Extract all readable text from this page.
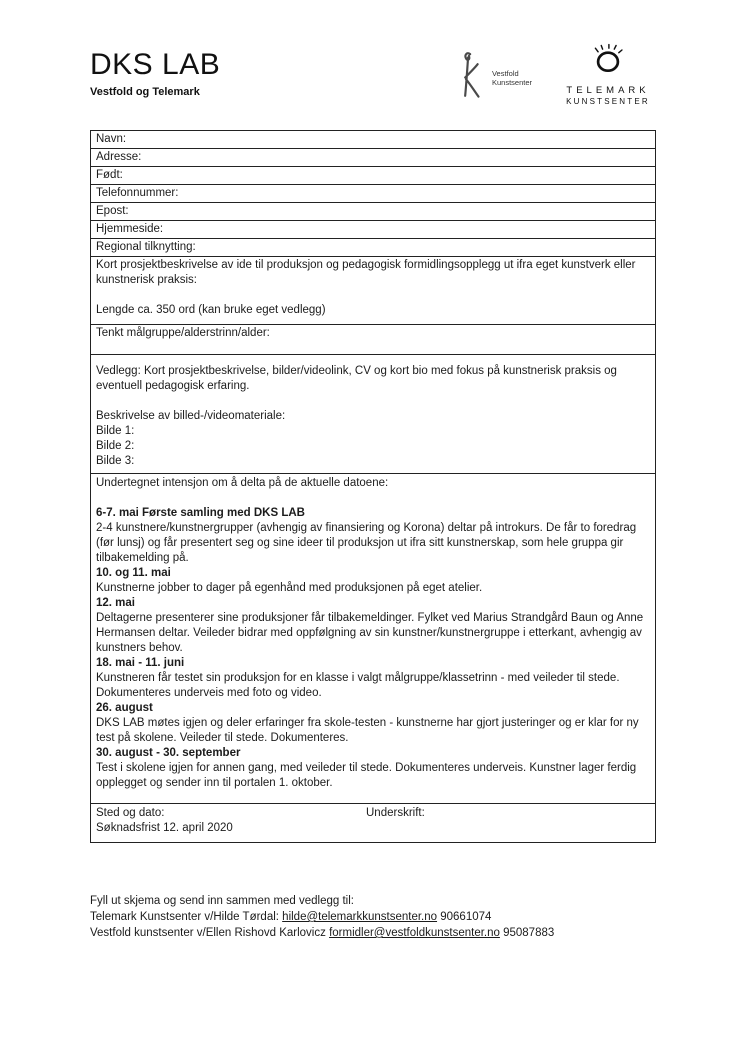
DKS LAB
Vestfold og Telemark
Vestfold
Kunstsenter
TELEMARK
KUNSTSENTER
Navn:
Adresse:
Født:
Telefonnummer:
Epost:
Hjemmeside:
Regional tilknytting:
Kort prosjektbeskrivelse av ide til produksjon og pedagogisk formidlingsopplegg ut ifra eget kunstverk eller kunstnerisk praksis:
Lengde ca. 350 ord (kan bruke eget vedlegg)
Tenkt målgruppe/alderstrinn/alder:
Vedlegg: Kort prosjektbeskrivelse, bilder/videolink, CV og kort bio med fokus på kunstnerisk praksis og eventuell pedagogisk erfaring.
Beskrivelse av billed-/videomateriale:
Bilde 1:
Bilde 2:
Bilde 3:
Undertegnet intensjon om å delta på de aktuelle datoene:
6-7. mai Første samling med DKS LAB
2-4 kunstnere/kunstnergrupper (avhengig av finansiering og Korona) deltar på introkurs. De får to foredrag (før lunsj) og får presentert seg og sine ideer til produksjon ut ifra sitt kunstnerskap, som hele gruppa gir tilbakemelding på.
10. og 11. mai
Kunstnerne jobber to dager på egenhånd med produksjonen på eget atelier.
12. mai
Deltagerne presenterer sine produksjoner får tilbakemeldinger. Fylket ved Marius Strandgård Baun og Anne Hermansen deltar. Veileder bidrar med oppfølgning av sin kunstner/kunstnergruppe i etterkant, avhengig av kunstners behov.
18. mai - 11. juni
Kunstneren får testet sin produksjon for en klasse i valgt målgruppe/klassetrinn - med veileder til stede. Dokumenteres underveis med foto og video.
26. august
DKS LAB møtes igjen og deler erfaringer fra skole-testen - kunstnerne har gjort justeringer og er klar for ny test på skolene. Veileder til stede. Dokumenteres.
30. august - 30. september
Test i skolene igjen for annen gang, med veileder til stede. Dokumenteres underveis. Kunstner lager ferdig opplegget og sender inn til portalen 1. oktober.
Sted og dato:	Underskrift:
Søknadsfrist 12. april 2020
Fyll ut skjema og send inn sammen med vedlegg til:
Telemark Kunstsenter v/Hilde Tørdal: hilde@telemarkkunstsenter.no 90661074
Vestfold kunstsenter v/Ellen Rishovd Karlovicz formidler@vestfoldkunstsenter.no 95087883
